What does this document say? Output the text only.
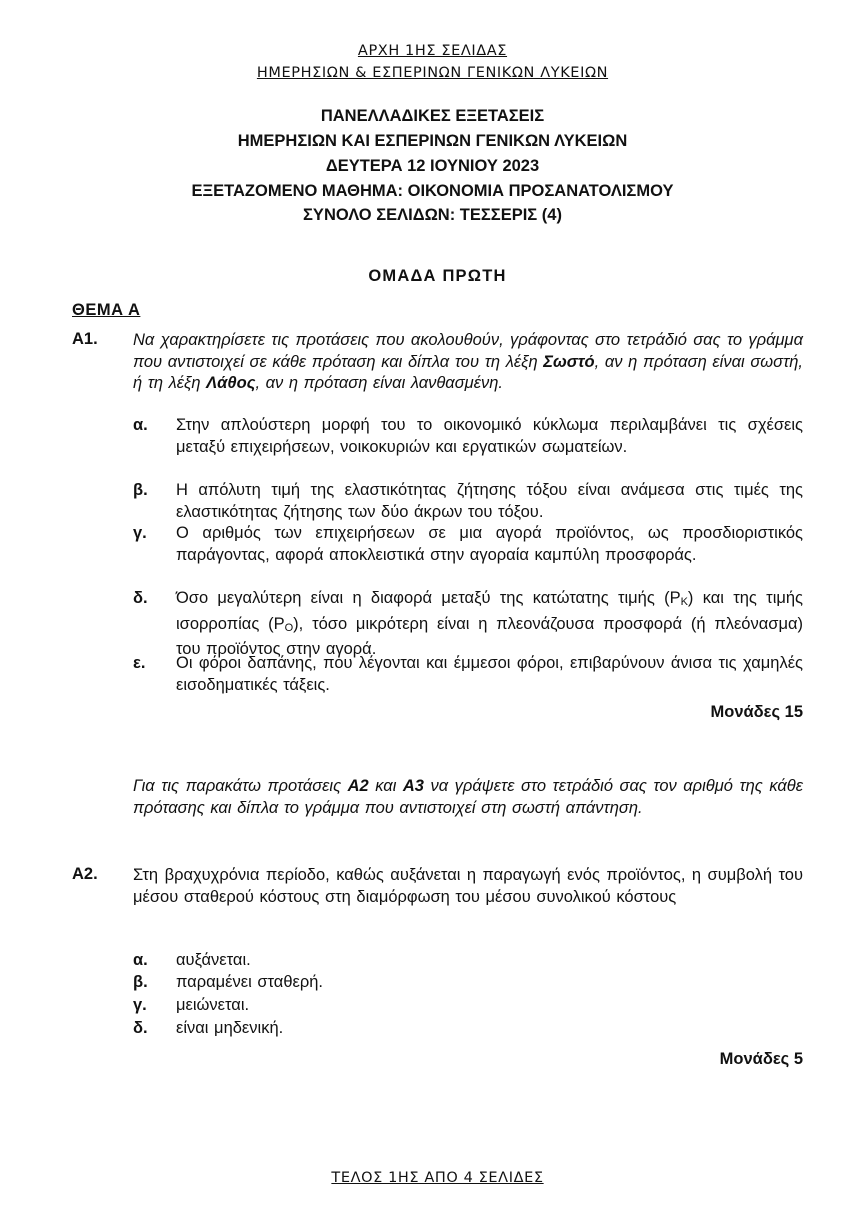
ΑΡΧΗ 1ΗΣ ΣΕΛΙΔΑΣ
ΗΜΕΡΗΣΙΩΝ & ΕΣΠΕΡΙΝΩΝ ΓΕΝΙΚΩΝ ΛΥΚΕΙΩΝ
ΠΑΝΕΛΛΑΔΙΚΕΣ ΕΞΕΤΑΣΕΙΣ
ΗΜΕΡΗΣΙΩΝ ΚΑΙ ΕΣΠΕΡΙΝΩΝ ΓΕΝΙΚΩΝ ΛΥΚΕΙΩΝ
ΔΕΥΤΕΡΑ 12 ΙΟΥΝΙΟΥ 2023
ΕΞΕΤΑΖΟΜΕΝΟ ΜΑΘΗΜΑ: ΟΙΚΟΝΟΜΙΑ ΠΡΟΣΑΝΑΤΟΛΙΣΜΟΥ
ΣΥΝΟΛΟ ΣΕΛΙΔΩΝ: ΤΕΣΣΕΡΙΣ (4)
ΟΜΑΔΑ ΠΡΩΤΗ
ΘΕΜΑ Α
Α1. Να χαρακτηρίσετε τις προτάσεις που ακολουθούν, γράφοντας στο τετράδιό σας το γράμμα που αντιστοιχεί σε κάθε πρόταση και δίπλα του τη λέξη Σωστό, αν η πρόταση είναι σωστή, ή τη λέξη Λάθος, αν η πρόταση είναι λανθασμένη.
α. Στην απλούστερη μορφή του το οικονομικό κύκλωμα περιλαμβάνει τις σχέσεις μεταξύ επιχειρήσεων, νοικοκυριών και εργατικών σωματείων.
β. Η απόλυτη τιμή της ελαστικότητας ζήτησης τόξου είναι ανάμεσα στις τιμές της ελαστικότητας ζήτησης των δύο άκρων του τόξου.
γ. Ο αριθμός των επιχειρήσεων σε μια αγορά προϊόντος, ως προσδιοριστικός παράγοντας, αφορά αποκλειστικά στην αγοραία καμπύλη προσφοράς.
δ. Όσο μεγαλύτερη είναι η διαφορά μεταξύ της κατώτατης τιμής $(P_K)$ και της τιμής ισορροπίας $(P_O)$, τόσο μικρότερη είναι η πλεονάζουσα προσφορά (ή πλεόνασμα) του προϊόντος στην αγορά.
ε. Οι φόροι δαπάνης, που λέγονται και έμμεσοι φόροι, επιβαρύνουν άνισα τις χαμηλές εισοδηματικές τάξεις.
Μονάδες 15
Για τις παρακάτω προτάσεις Α2 και Α3 να γράψετε στο τετράδιό σας τον αριθμό της κάθε πρότασης και δίπλα το γράμμα που αντιστοιχεί στη σωστή απάντηση.
Α2. Στη βραχυχρόνια περίοδο, καθώς αυξάνεται η παραγωγή ενός προϊόντος, η συμβολή του μέσου σταθερού κόστους στη διαμόρφωση του μέσου συνολικού κόστους
α. αυξάνεται.
β. παραμένει σταθερή.
γ. μειώνεται.
δ. είναι μηδενική.
Μονάδες 5
ΤΕΛΟΣ 1ΗΣ ΑΠΟ 4 ΣΕΛΙΔΕΣ
